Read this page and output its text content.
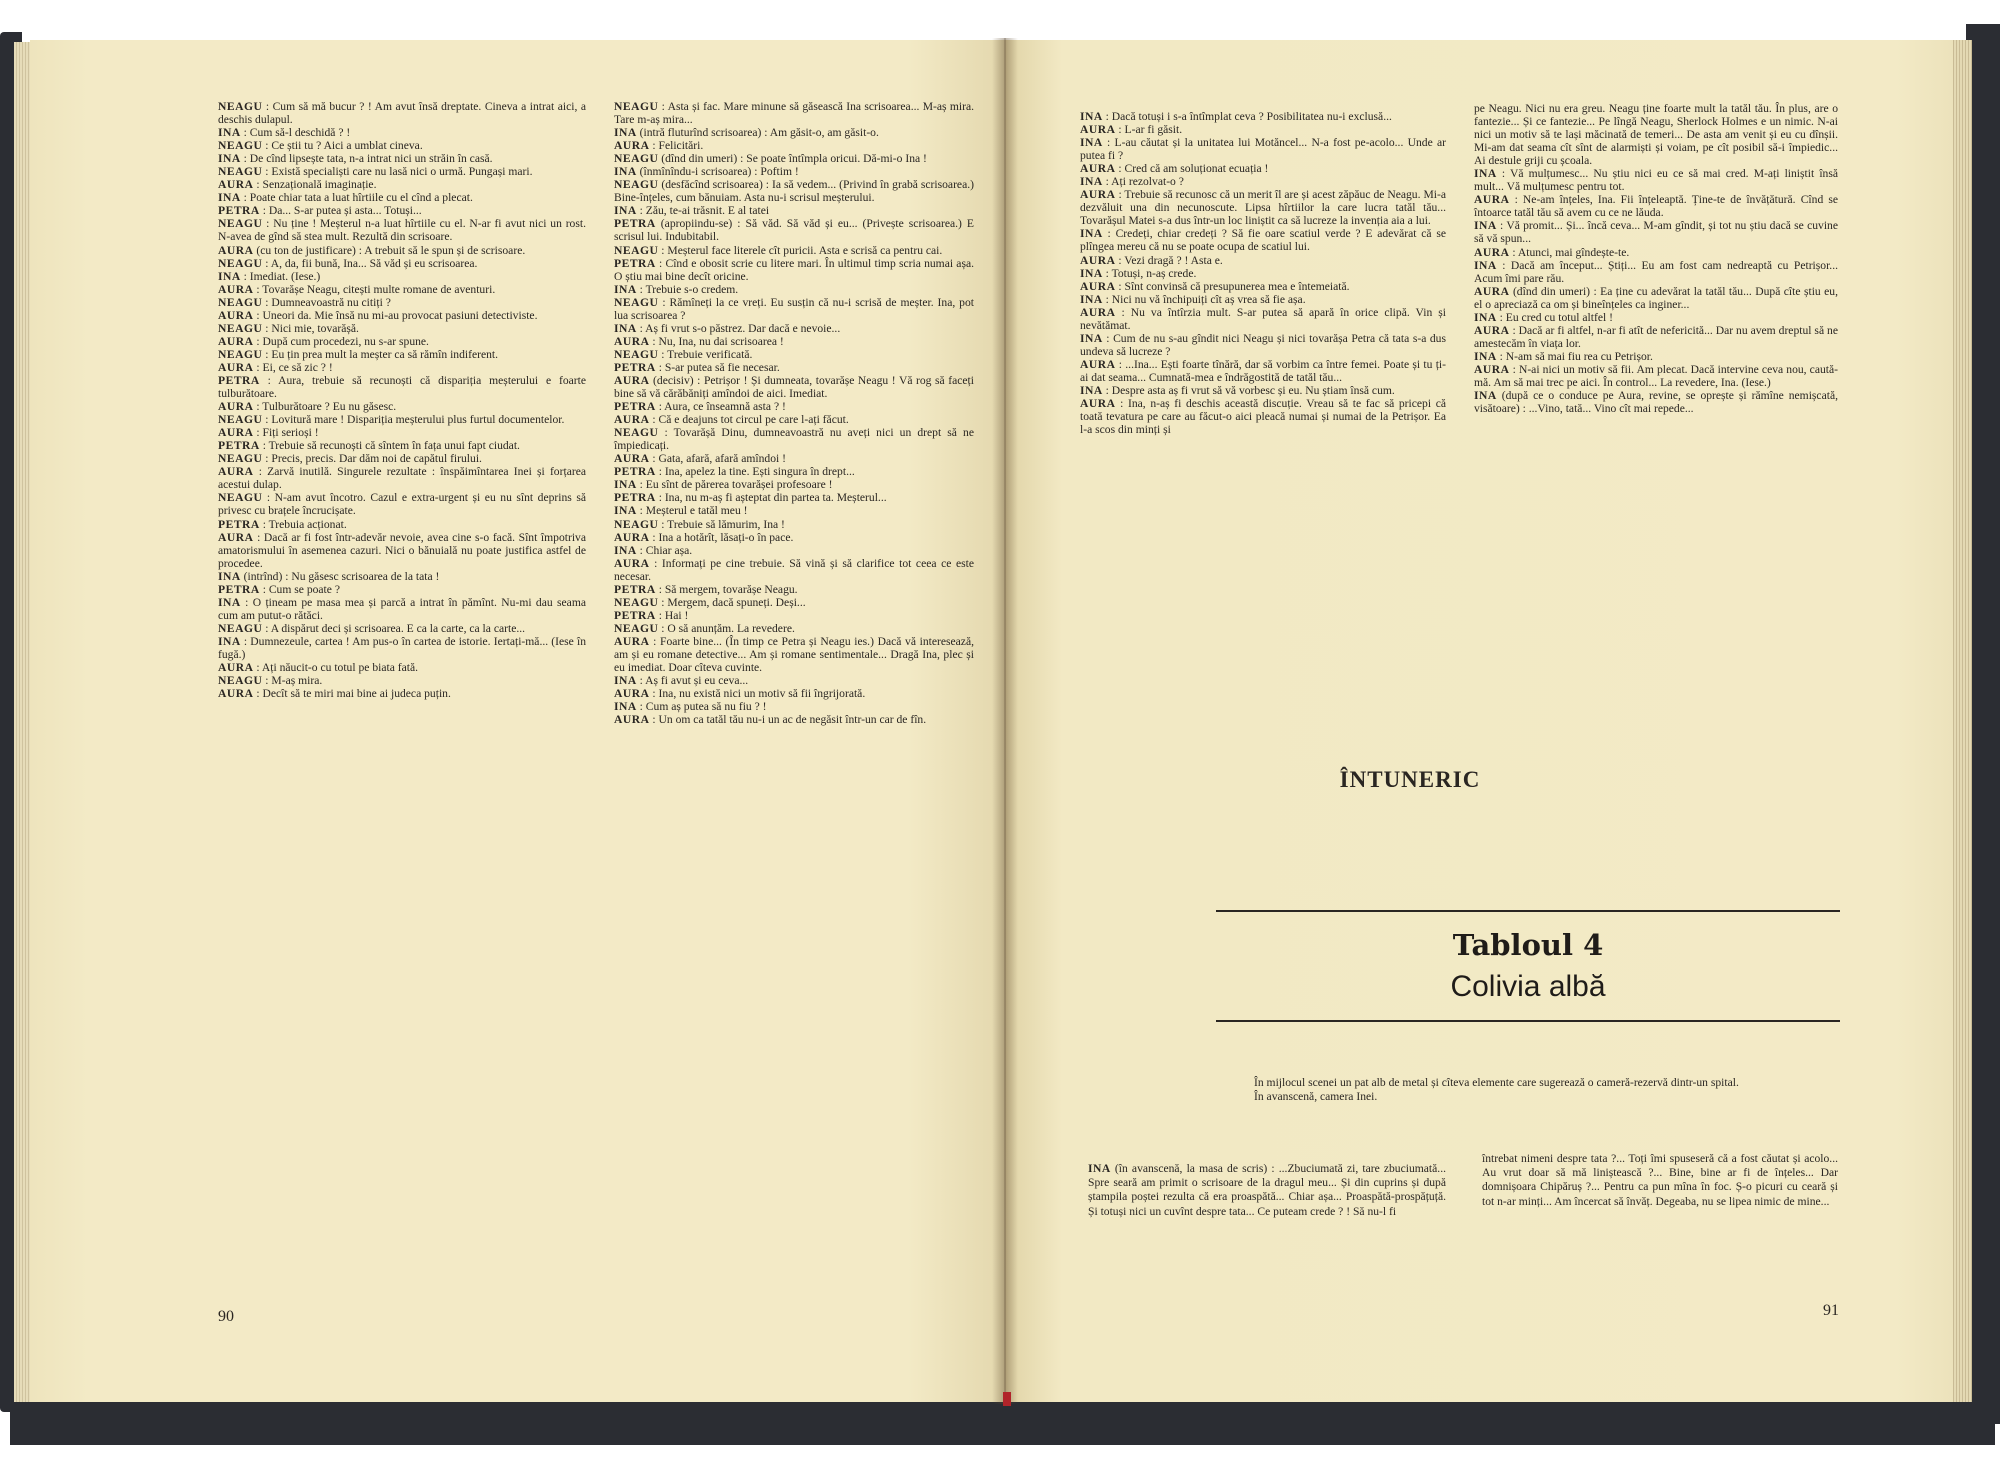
NEAGU : Cum să mă bucur ? ! Am avut însă dreptate. Cineva a intrat aici, a deschis dulapul.

INA : Cum să-l deschidă ? !

NEAGU : Ce știi tu ? Aici a umblat cineva.

INA : De cînd lipsește tata, n-a intrat nici un străin în casă.

NEAGU : Există specialiști care nu lasă nici o urmă. Pungași mari.

AURA : Senzațională imaginație.

INA : Poate chiar tata a luat hîrtiile cu el cînd a plecat.

PETRA : Da... S-ar putea și asta... Totuși...

NEAGU : Nu ține ! Meșterul n-a luat hîrtiile cu el. N-ar fi avut nici un rost. N-avea de gînd să stea mult. Rezultă din scrisoare.

AURA (cu ton de justificare) : A trebuit să le spun și de scrisoare.

NEAGU : A, da, fii bună, Ina... Să văd și eu scrisoarea.

INA : Imediat. (Iese.)

AURA : Tovarășe Neagu, citești multe romane de aventuri.

NEAGU : Dumneavoastră nu citiți ?

AURA : Uneori da. Mie însă nu mi-au provocat pasiuni detectiviste.

NEAGU : Nici mie, tovarășă.

AURA : După cum procedezi, nu s-ar spune.

NEAGU : Eu țin prea mult la meșter ca să rămîn indiferent.

AURA : Ei, ce să zic ? !

PETRA : Aura, trebuie să recunoști că dispariția meșterului e foarte tulburătoare.

AURA : Tulburătoare ? Eu nu găsesc.

NEAGU : Lovitură mare ! Dispariția meșterului plus furtul documentelor.

AURA : Fiți serioși !

PETRA : Trebuie să recunoști că sîntem în fața unui fapt ciudat.

NEAGU : Precis, precis. Dar dăm noi de capătul firului.

AURA : Zarvă inutilă. Singurele rezultate : înspăimîntarea Inei și forțarea acestui dulap.

NEAGU : N-am avut încotro. Cazul e extra-urgent și eu nu sînt deprins să privesc cu brațele încrucișate.

PETRA : Trebuia acționat.

AURA : Dacă ar fi fost într-adevăr nevoie, avea cine s-o facă. Sînt împotriva amatorismului în asemenea cazuri. Nici o bănuială nu poate justifica astfel de procedee.

INA (intrînd) : Nu găsesc scrisoarea de la tata !

PETRA : Cum se poate ?

INA : O țineam pe masa mea și parcă a intrat în pămînt. Nu-mi dau seama cum am putut-o rătăci.

NEAGU : A dispărut deci și scrisoarea. E ca la carte, ca la carte...

INA : Dumnezeule, cartea ! Am pus-o în cartea de istorie. Iertați-mă... (Iese în fugă.)

AURA : Ați năucit-o cu totul pe biata fată.

NEAGU : M-aș mira.

AURA : Decît să te miri mai bine ai judeca puțin.

NEAGU : Asta și fac. Mare minune să găsească Ina scrisoarea... M-aș mira. Tare m-aș mira...

INA (intră fluturînd scrisoarea) : Am găsit-o, am găsit-o.

AURA : Felicitări.

NEAGU (dînd din umeri) : Se poate întîmpla oricui. Dă-mi-o Ina !

INA (înmînîndu-i scrisoarea) : Poftim !

NEAGU (desfăcînd scrisoarea) : Ia să vedem... (Privind în grabă scrisoarea.) Bine-înțeles, cum bănuiam. Asta nu-i scrisul meșterului.

INA : Zău, te-ai trăsnit. E al tatei

PETRA (apropiindu-se) : Să văd. Să văd și eu... (Privește scrisoarea.) E scrisul lui. Indubitabil.

NEAGU : Meșterul face literele cît puricii. Asta e scrisă ca pentru cai.

PETRA : Cînd e obosit scrie cu litere mari. În ultimul timp scria numai așa. O știu mai bine decît oricine.

INA : Trebuie s-o credem.

NEAGU : Rămîneți la ce vreți. Eu susțin că nu-i scrisă de meșter. Ina, pot lua scrisoarea ?

INA : Aș fi vrut s-o păstrez. Dar dacă e nevoie...

AURA : Nu, Ina, nu dai scrisoarea !

NEAGU : Trebuie verificată.

PETRA : S-ar putea să fie necesar.

AURA (decisiv) : Petrișor ! Și dumneata, tovarășe Neagu ! Vă rog să faceți bine să vă cărăbăniți amîndoi de aici. Imediat.

PETRA : Aura, ce înseamnă asta ? !

AURA : Că e deajuns tot circul pe care l-ați făcut.

NEAGU : Tovarășă Dinu, dumneavoastră nu aveți nici un drept să ne împiedicați.

AURA : Gata, afară, afară amîndoi !

PETRA : Ina, apelez la tine. Ești singura în drept...

INA : Eu sînt de părerea tovarășei profesoare !

PETRA : Ina, nu m-aș fi așteptat din partea ta. Meșterul...

INA : Meșterul e tatăl meu !

NEAGU : Trebuie să lămurim, Ina !

AURA : Ina a hotărît, lăsați-o în pace.

INA : Chiar așa.

AURA : Informați pe cine trebuie. Să vină și să clarifice tot ceea ce este necesar.

PETRA : Să mergem, tovarășe Neagu.

NEAGU : Mergem, dacă spuneți. Deși...

PETRA : Hai !

NEAGU : O să anunțăm. La revedere.

AURA : Foarte bine... (În timp ce Petra și Neagu ies.) Dacă vă interesează, am și eu romane detective... Am și romane sentimentale... Dragă Ina, plec și eu imediat. Doar cîteva cuvinte.

INA : Aș fi avut și eu ceva...

AURA : Ina, nu există nici un motiv să fii îngrijorată.

INA : Cum aș putea să nu fiu ? !

AURA : Un om ca tatăl tău nu-i un ac de negăsit într-un car de fîn.

90

INA : Dacă totuși i s-a întîmplat ceva ? Posibilitatea nu-i exclusă...

AURA : L-ar fi găsit.

INA : L-au căutat și la unitatea lui Motăncel... N-a fost pe-acolo... Unde ar putea fi ?

AURA : Cred că am soluționat ecuația !

INA : Ați rezolvat-o ?

AURA : Trebuie să recunosc că un merit îl are și acest zăpăuc de Neagu. Mi-a dezvăluit una din necunoscute. Lipsa hîrtiilor la care lucra tatăl tău... Tovarășul Matei s-a dus într-un loc liniștit ca să lucreze la invenția aia a lui.

INA : Credeți, chiar credeți ? Să fie oare scatiul verde ? E adevărat că se plîngea mereu că nu se poate ocupa de scatiul lui.

AURA : Vezi dragă ? ! Asta e.

INA : Totuși, n-aș crede.

AURA : Sînt convinsă că presupunerea mea e întemeiată.

INA : Nici nu vă închipuiți cît aș vrea să fie așa.

AURA : Nu va întîrzia mult. S-ar putea să apară în orice clipă. Vin și nevătămat.

INA : Cum de nu s-au gîndit nici Neagu și nici tovarășa Petra că tata s-a dus undeva să lucreze ?

AURA : ...Ina... Ești foarte tînără, dar să vorbim ca între femei. Poate și tu ți-ai dat seama... Cumnată-mea e îndrăgostită de tatăl tău...

INA : Despre asta aș fi vrut să vă vorbesc și eu. Nu știam însă cum.

AURA : Ina, n-aș fi deschis această discuție. Vreau să te fac să pricepi că toată tevatura pe care au făcut-o aici pleacă numai și numai de la Petrișor. Ea l-a scos din minți și

pe Neagu. Nici nu era greu. Neagu ține foarte mult la tatăl tău. În plus, are o fantezie... Și ce fantezie... Pe lîngă Neagu, Sherlock Holmes e un nimic. N-ai nici un motiv să te lași măcinată de temeri... De asta am venit și eu cu dînșii. Mi-am dat seama cît sînt de alarmiști și voiam, pe cît posibil să-i împiedic... Ai destule griji cu școala.

INA : Vă mulțumesc... Nu știu nici eu ce să mai cred. M-ați liniștit însă mult... Vă mulțumesc pentru tot.

AURA : Ne-am înțeles, Ina. Fii înțeleaptă. Ține-te de învățătură. Cînd se întoarce tatăl tău să avem cu ce ne lăuda.

INA : Vă promit... Și... încă ceva... M-am gîndit, și tot nu știu dacă se cuvine să vă spun...

AURA : Atunci, mai gîndește-te.

INA : Dacă am început... Știți... Eu am fost cam nedreaptă cu Petrișor... Acum îmi pare rău.

AURA (dînd din umeri) : Ea ține cu adevărat la tatăl tău... După cîte știu eu, el o apreciază ca om și bineînțeles ca inginer...

INA : Eu cred cu totul altfel !

AURA : Dacă ar fi altfel, n-ar fi atît de nefericită... Dar nu avem dreptul să ne amestecăm în viața lor.

INA : N-am să mai fiu rea cu Petrișor.

AURA : N-ai nici un motiv să fii. Am plecat. Dacă intervine ceva nou, caută-mă. Am să mai trec pe aici. În control... La revedere, Ina. (Iese.)

INA (după ce o conduce pe Aura, revine, se oprește și rămîne nemișcată, visătoare) : ...Vino, tată... Vino cît mai repede...

ÎNTUNERIC
Tabloul 4
Colivia albă

În mijlocul scenei un pat alb de metal și cîteva elemente care sugerează o cameră-rezervă dintr-un spital.

În avanscenă, camera Inei.

INA (în avanscenă, la masa de scris) : ...Zbuciumată zi, tare zbuciumată... Spre seară am primit o scrisoare de la dragul meu... Și din cuprins și după ștampila poștei rezulta că era proaspătă... Chiar așa... Proaspătă-prospățuță. Și totuși nici un cuvînt despre tata... Ce puteam crede ? ! Să nu-l fi

întrebat nimeni despre tata ?... Toți îmi spuseseră că a fost căutat și acolo... Au vrut doar să mă liniștească ?... Bine, bine ar fi de înțeles... Dar domnișoara Chipăruș ?... Pentru ca pun mîna în foc. Ș-o picuri cu ceară și tot n-ar minți... Am încercat să învăț. Degeaba, nu se lipea nimic de mine...

91
